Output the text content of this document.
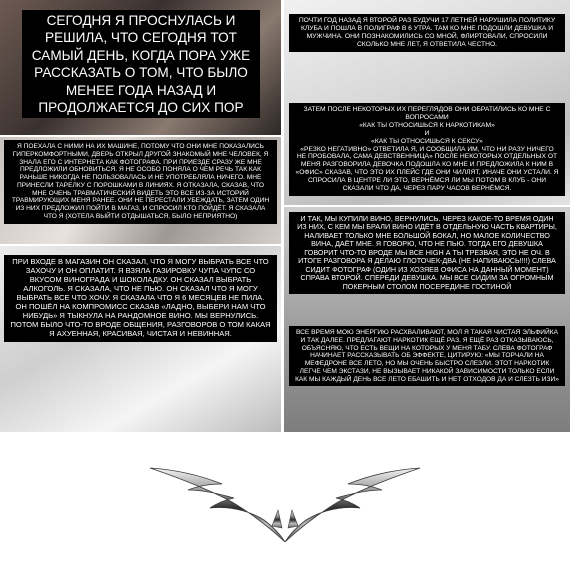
СЕГОДНЯ Я ПРОСНУЛАСЬ И РЕШИЛА, ЧТО СЕГОДНЯ ТОТ САМЫЙ ДЕНЬ, КОГДА ПОРА УЖЕ РАССКАЗАТЬ О ТОМ, ЧТО БЫЛО МЕНЕЕ ГОДА НАЗАД И ПРОДОЛЖАЕТСЯ ДО СИХ ПОР
ПОЧТИ ГОД НАЗАД Я ВТОРОЙ РАЗ БУДУЧИ 17 ЛЕТНЕЙ НАРУШИЛА ПОЛИТИКУ КЛУБА И ПОШЛА В ПОЛИГРАФ В 6 УТРА. ТАМ КО МНЕ ПОДОШЛИ ДЕВУШКА И МУЖЧИНА. ОНИ ПОЗНАКОМИЛИСЬ СО МНОЙ, ФЛИРТОВАЛИ, СПРОСИЛИ СКОЛЬКО МНЕ ЛЕТ, Я ОТВЕТИЛА ЧЕСТНО.
ЗАТЕМ ПОСЛЕ НЕКОТОРЫХ ИХ ПЕРЕГЛЯДОВ ОНИ ОБРАТИЛИСЬ КО МНЕ С ВОПРОСАМИ
«КАК ТЫ ОТНОСИШЬСЯ К НАРКОТИКАМ»
И
«КАК ТЫ ОТНОСИШЬСЯ К СЕКСУ»
«РЕЗКО НЕГАТИВНО» ОТВЕТИЛА Я, И СООБЩИЛА ИМ, ЧТО НИ РАЗУ НИЧЕГО НЕ ПРОБОВАЛА, САМА ДЕВСТВЕННИЦА» ПОСЛЕ НЕКОТОРЫХ ОТДЕЛЬНЫХ ОТ МЕНЯ РАЗГОВОРИЛА ДЕВОЧКА ПОДОШЛА КО МНЕ И ПРЕДЛОЖИЛА К НИМ В «ОФИС» СКАЗАВ, ЧТО ЭТО ИХ ПЛЕЙС ГДЕ ОНИ ЧИЛЛЯТ, ИНАЧЕ ОНИ УСТАЛИ. Я СПРОСИЛА В ЦЕНТРЕ ЛИ ЭТО, ВЕРНЁМСЯ ЛИ МЫ ПОТОМ В КЛУБ - ОНИ СКАЗАЛИ ЧТО ДА, ЧЕРЕЗ ПАРУ ЧАСОВ ВЕРНЁМСЯ.
Я ПОЕХАЛА С НИМИ НА ИХ МАШИНЕ, ПОТОМУ ЧТО ОНИ МНЕ ПОКАЗАЛИСЬ ГИПЕРКОМФОРТНЫМИ, ДВЕРЬ ОТКРЫЛ ДРУГОЙ ЗНАКОМЫЙ МНЕ ЧЕЛОВЕК, Я ЗНАЛА ЕГО С ИНТЕРНЕТА КАК ФОТОГРАФА. ПРИ ПРИЕЗДЕ СРАЗУ ЖЕ МНЕ ПРЕДЛОЖИЛИ ОБНОВИТЬСЯ. Я НЕ ОСОБО ПОНЯЛА О ЧЕМ РЕЧЬ ТАК КАК РАНЬШЕ НИКОГДА НЕ ПОЛЬЗОВАЛАСЬ И НЕ УПОТРЕБЛЯЛА НИЧЕГО. МНЕ ПРИНЕСЛИ ТАРЕЛКУ С ПОРОШКАМИ В ЛИНИЯХ. Я ОТКАЗАЛА, СКАЗАВ, ЧТО МНЕ ОЧЕНЬ ТРАВМАТИЧЕСКИЙ ВИДЕТЬ ЭТО ВСЕ ИЗ-ЗА ИСТОРИЙ ТРАВМИРУЮЩИХ МЕНЯ РАНЕЕ. ОНИ НЕ ПЕРЕСТАЛИ УБЕЖДАТЬ, ЗАТЕМ ОДИН ИЗ НИХ ПРЕДЛОЖИЛ ПОЙТИ В МАГАЗ, И СПРОСИЛ КТО ПОЙДЁТ. Я СКАЗАЛА ЧТО Я (ХОТЕЛА ВЫЙТИ ОТДЫШАТЬСЯ, БЫЛО НЕПРИЯТНО)
ПРИ ВХОДЕ В МАГАЗИН ОН СКАЗАЛ, ЧТО Я МОГУ ВЫБРАТЬ ВСЕ ЧТО ЗАХОЧУ И ОН ОПЛАТИТ. Я ВЗЯЛА ГАЗИРОВКУ ЧУПА ЧУПС СО ВКУСОМ ВИНОГРАДА И ШОКОЛАДКУ. ОН СКАЗАЛ ВЫБРАТЬ АЛКОГОЛЬ. Я СКАЗАЛА, ЧТО НЕ ПЬЮ. ОН СКАЗАЛ ЧТО Я МОГУ ВЫБРАТЬ ВСЕ ЧТО ХОЧУ. Я СКАЗАЛА ЧТО Я 6 МЕСЯЦЕВ НЕ ПИЛА. ОН ПОШЁЛ НА КОМПРОМИСС СКАЗАВ «ЛАДНО, ВЫБЕРИ НАМ ЧТО НИБУДЬ» Я ТЫКНУЛА НА РАНДОМНОЕ ВИНО. МЫ ВЕРНУЛИСЬ. ПОТОМ БЫЛО ЧТО-ТО ВРОДЕ ОБЩЕНИЯ, РАЗГОВОРОВ О ТОМ КАКАЯ Я АХУЕННАЯ, КРАСИВАЯ, ЧИСТАЯ И НЕВИННАЯ.
И ТАК, МЫ КУПИЛИ ВИНО, ВЕРНУЛИСЬ. ЧЕРЕЗ КАКОЕ-ТО ВРЕМЯ ОДИН ИЗ НИХ, С КЕМ МЫ БРАЛИ ВИНО ИДЁТ В ОТДЕЛЬНУЮ ЧАСТЬ КВАРТИРЫ, НАЛИВАЕТ ТОЛЬКО МНЕ БОЛЬШОЙ БОКАЛ, НО МАЛОЕ КОЛИЧЕСТВО ВИНА, ДАЁТ МНЕ. Я ГОВОРЮ, ЧТО НЕ ПЬЮ. ТОГДА ЕГО ДЕВУШКА ГОВОРИТ ЧТО-ТО ВРОДЕ МЫ ВСЕ HIGH А ТЫ ТРЕЗВАЯ, ЭТО НЕ ОЧ. В ИТОГЕ РАЗГОВОРА Я ДЕЛАЮ ГЛОТОЧЕК-ДВА (НЕ НАПИВАЮСЬ!!!!) СЛЕВА СИДИТ ФОТОГРАФ (ОДИН ИЗ ХОЗЯЕВ ОФИСА НА ДАННЫЙ МОМЕНТ) СПРАВА ВТОРОЙ. СПЕРЕДИ ДЕВУШКА. МЫ ВСЕ СИДИМ ЗА ОГРОМНЫМ ПОКЕРНЫМ СТОЛОМ ПОСЕРЕДИНЕ ГОСТИНОЙ
ВСЕ ВРЕМЯ МОЮ ЭНЕРГИЮ РАСХВАЛИВАЮТ, МОЛ Я ТАКАЯ ЧИСТАЯ ЭЛЬФИЙКА И ТАК ДАЛЕЕ. ПРЕДЛАГАЮТ НАРКОТИК ЕЩЁ РАЗ. Я ЕЩЁ РАЗ ОТКАЗЫВАЮСЬ, ОБЪЯСНЯЮ, ЧТО ЕСТЬ ВЕЩИ НА КОТОРЫХ У МЕНЯ ТАБУ. СЛЕВА ФОТОГРАФ НАЧИНАЕТ РАССКАЗЫВАТЬ ОБ ЭФФЕКТЕ, ЦИТИРУЮ: «МЫ ТОРЧАЛИ НА МЕФЕДРОНЕ ВСЕ ЛЕТО, НО МЫ ОЧЕНЬ БЫСТРО СЛЕЗЛИ. ЭТОТ НАРКОТИК ЛЕГЧЕ ЧЕМ ЭКСТАЗИ, НЕ ВЫЗЫВАЕТ НИКАКОЙ ЗАВИСИМОСТИ ТОЛЬКО ЕСЛИ КАК МЫ КАЖДЫЙ ДЕНЬ ВСЕ ЛЕТО ЕБАШИТЬ И НЕТ ОТХОДОВ ДА И СЛЕЗТЬ ИЗИ»
